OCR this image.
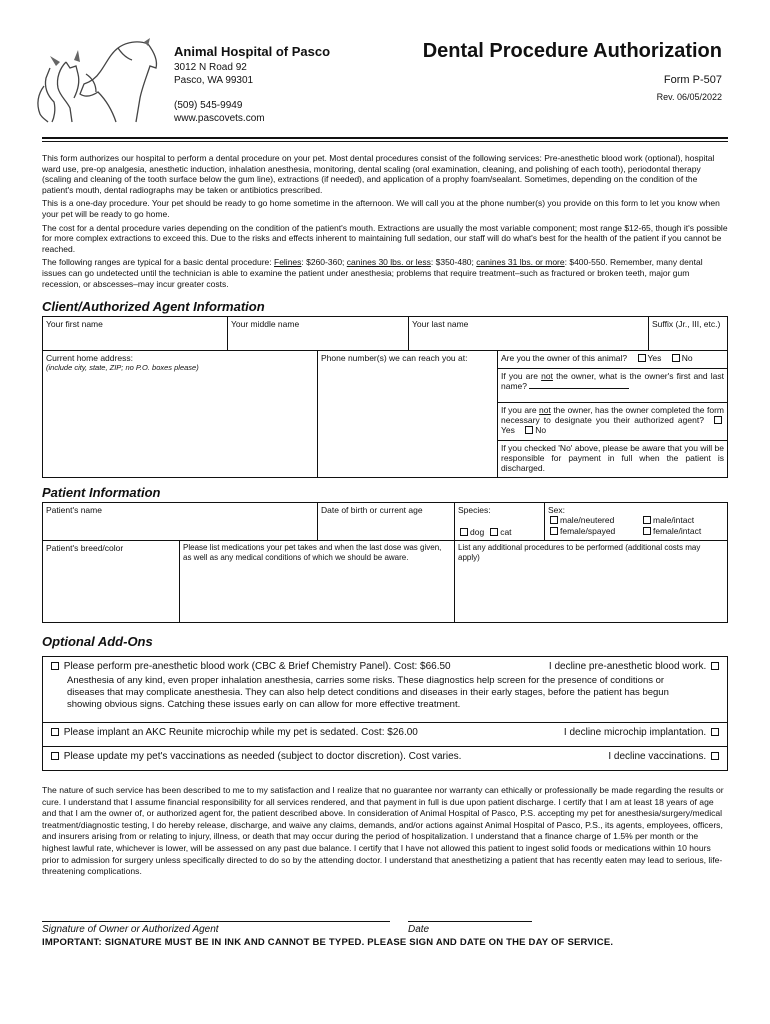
Animal Hospital of Pasco
3012 N Road 92
Pasco, WA 99301
(509) 545-9949
www.pascovets.com
Dental Procedure Authorization
Form P-507
Rev. 06/05/2022

This form authorizes our hospital to perform a dental procedure on your pet. Most dental procedures consist of the following services: Pre-anesthetic blood work (optional), hospital ward use, pre-op analgesia, anesthetic induction, inhalation anesthesia, monitoring, dental scaling (oral examination, cleaning, and polishing of each tooth), periodontal therapy (scaling and cleaning of the tooth surface below the gum line), extractions (if needed), and application of a prophy foam/sealant. Sometimes, depending on the condition of the patient's mouth, dental radiographs may be taken or antibiotics prescribed.

This is a one-day procedure. Your pet should be ready to go home sometime in the afternoon. We will call you at the phone number(s) you provide on this form to let you know when your pet will be ready to go home.

The cost for a dental procedure varies depending on the condition of the patient's mouth. Extractions are usually the most variable component; most range $12-65, though it's possible for more complex extractions to exceed this. Due to the risks and effects inherent to maintaining full sedation, our staff will do what's best for the health of the patient if you cannot be reached.

The following ranges are typical for a basic dental procedure: Felines: $260-360; canines 30 lbs. or less: $350-480; canines 31 lbs. or more: $400-550. Remember, many dental issues can go undetected until the technician is able to examine the patient under anesthesia; problems that require treatment–such as fractured or broken teeth, major gum recession, or abscesses–may incur greater costs.

Client/Authorized Agent Information
Your first name	Your middle name	Your last name	Suffix (Jr., III, etc.)
Current home address:
(include city, state, ZIP; no P.O. boxes please)
Phone number(s) we can reach you at:	Are you the owner of this animal? Yes No
If you are not the owner, what is the owner's first and last name?
If you are not the owner, has the owner completed the form necessary to designate you their authorized agent? Yes No
If you checked 'No' above, please be aware that you will be responsible for payment in full when the patient is discharged.
Patient Information
Patient's name	Date of birth or current age	Species:
dog cat
Sex:
male/neutered
female/spayed
male/intact
female/intact
Patient's breed/color	Please list medications your pet takes and when the last dose was given, as well as any medical conditions of which we should be aware.
List any additional procedures to be performed (additional costs may apply)
Optional Add-Ons
Please perform pre-anesthetic blood work (CBC & Brief Chemistry Panel). Cost: $66.50	I decline pre-anesthetic blood work.
Anesthesia of any kind, even proper inhalation anesthesia, carries some risks. These diagnostics help screen for the presence of conditions or diseases that may complicate anesthesia. They can also help detect conditions and diseases in their early stages, before the patient has begun showing obvious signs. Catching these issues early on can allow for more effective treatment.
Please implant an AKC Reunite microchip while my pet is sedated. Cost: $26.00	I decline microchip implantation.
Please update my pet's vaccinations as needed (subject to doctor discretion). Cost varies.	I decline vaccinations.
The nature of such service has been described to me to my satisfaction and I realize that no guarantee nor warranty can ethically or professionally be made regarding the results or cure. I understand that I assume financial responsibility for all services rendered, and that payment in full is due upon patient discharge. I certify that I am at least 18 years of age and that I am the owner of, or authorized agent for, the patient described above. In consideration of Animal Hospital of Pasco, P.S. accepting my pet for anesthesia/surgery/medical treatment/diagnostic testing, I do hereby release, discharge, and waive any claims, demands, and/or actions against Animal Hospital of Pasco, P.S., its agents, employees, officers, and insurers arising from or relating to injury, illness, or death that may occur during the period of hospitalization. I understand that a finance charge of 1.5% per month or the highest lawful rate, whichever is lower, will be assessed on any past due balance. I certify that I have not allowed this patient to ingest solid foods or medications within 10 hours prior to admission for surgery unless specifically directed to do so by the attending doctor. I understand that anesthetizing a patient that has recently eaten may lead to serious, life-threatening complications.
Signature of Owner or Authorized Agent	Date
IMPORTANT: SIGNATURE MUST BE IN INK AND CANNOT BE TYPED. PLEASE SIGN AND DATE ON THE DAY OF SERVICE.
